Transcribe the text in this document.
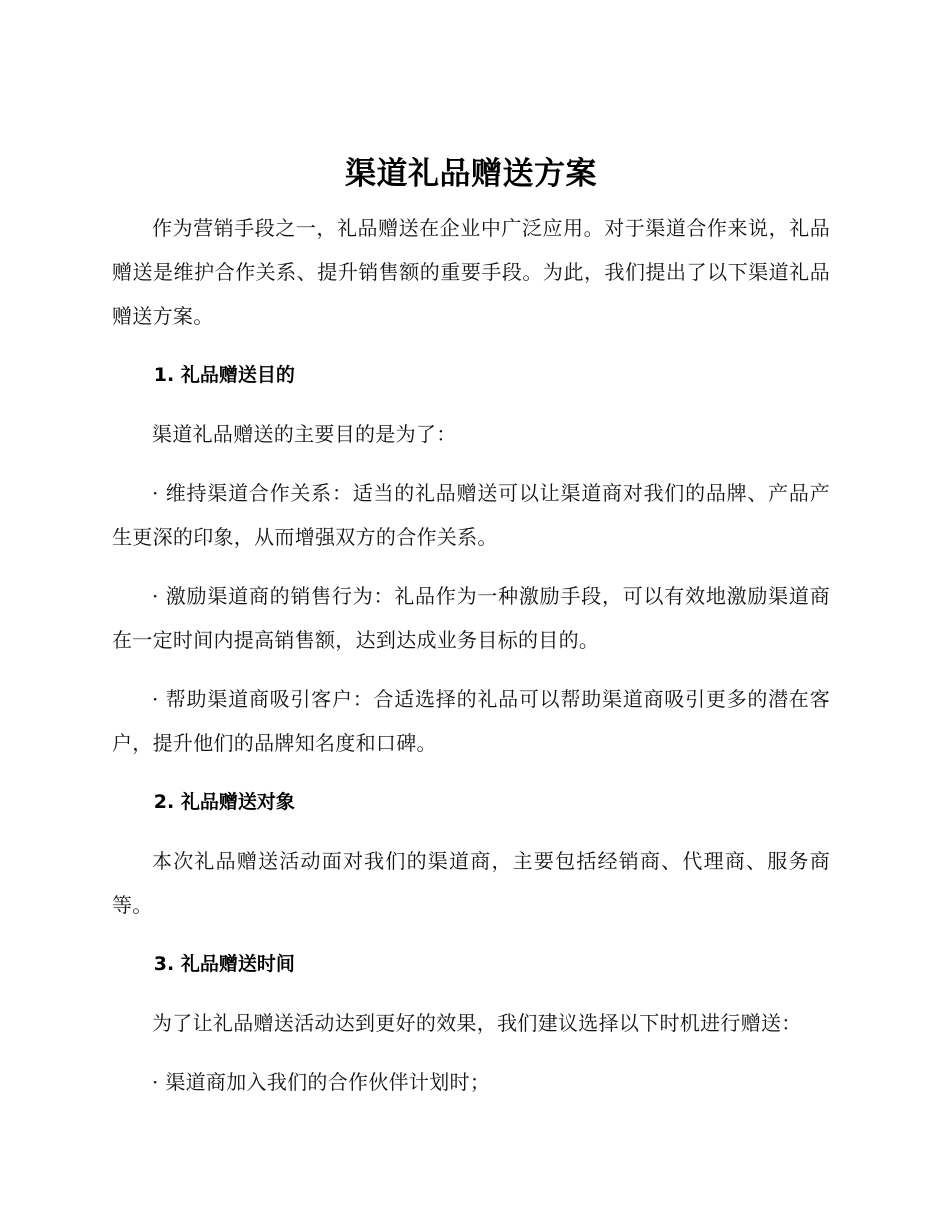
渠道礼品赠送方案

作为营销手段之一，礼品赠送在企业中广泛应用。对于渠道合作来说，礼品赠送是维护合作关系、提升销售额的重要手段。为此，我们提出了以下渠道礼品赠送方案。

1. 礼品赠送目的

渠道礼品赠送的主要目的是为了：

· 维持渠道合作关系：适当的礼品赠送可以让渠道商对我们的品牌、产品产生更深的印象，从而增强双方的合作关系。

· 激励渠道商的销售行为：礼品作为一种激励手段，可以有效地激励渠道商在一定时间内提高销售额，达到达成业务目标的目的。

· 帮助渠道商吸引客户：合适选择的礼品可以帮助渠道商吸引更多的潜在客户，提升他们的品牌知名度和口碑。

2. 礼品赠送对象

本次礼品赠送活动面对我们的渠道商，主要包括经销商、代理商、服务商等。

3. 礼品赠送时间

为了让礼品赠送活动达到更好的效果，我们建议选择以下时机进行赠送：

· 渠道商加入我们的合作伙伴计划时；
